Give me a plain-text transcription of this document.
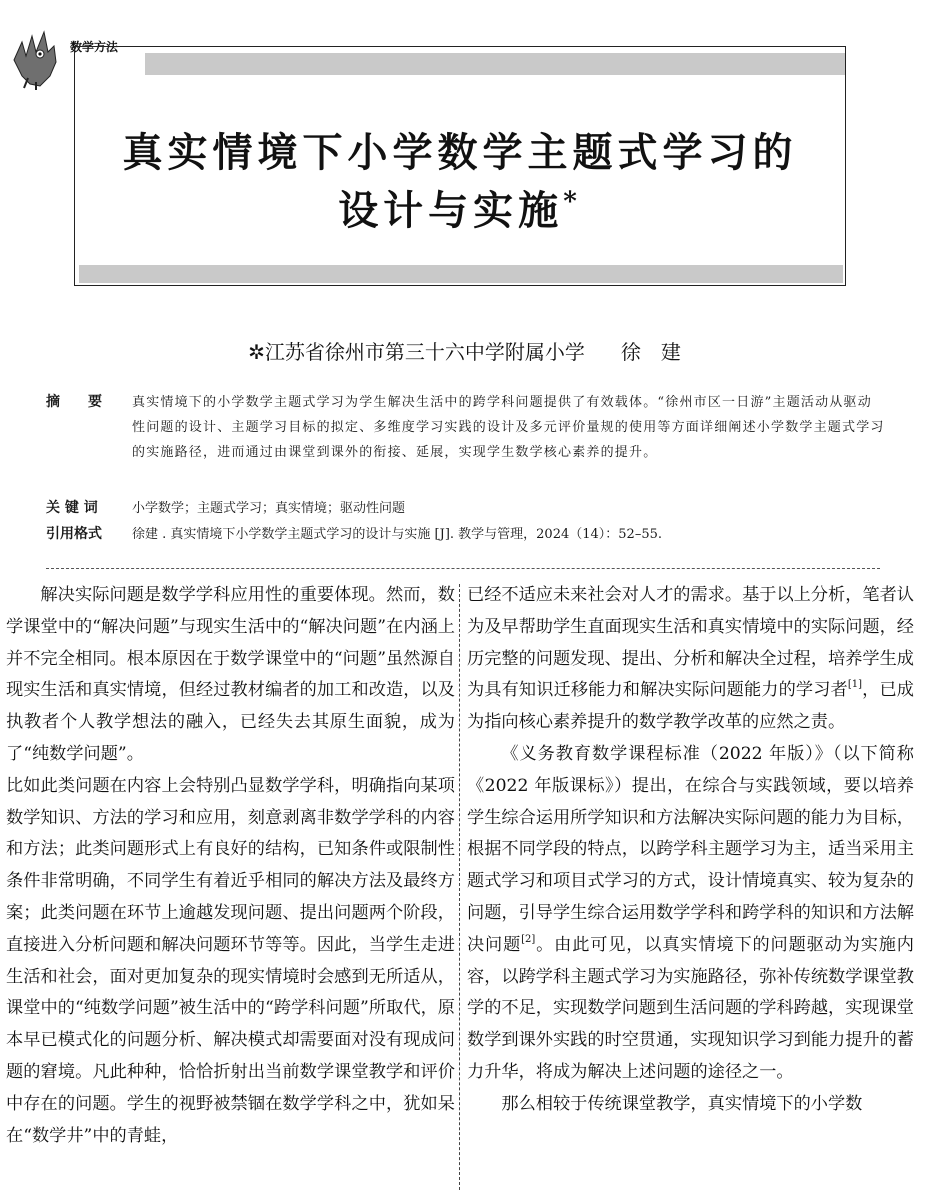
数学方法
真实情境下小学数学主题式学习的
设计与实施*
✲江苏省徐州市第三十六中学附属小学 徐　建
摘　　要 真实情境下的小学数学主题式学习为学生解决生活中的跨学科问题提供了有效载体。“徐州市区一日游”主题活动从驱动性问题的设计、主题学习目标的拟定、多维度学习实践的设计及多元评价量规的使用等方面详细阐述小学数学主题式学习的实施路径，进而通过由课堂到课外的衔接、延展，实现学生数学核心素养的提升。
关 键 词	小学数学；主题式学习；真实情境；驱动性问题
引用格式 徐建 . 真实情境下小学数学主题式学习的设计与实施 [J]. 教学与管理，2024（14）：52–55.

解决实际问题是数学学科应用性的重要体现。然而，数学课堂中的“解决问题”与现实生活中的“解决问题”在内涵上并不完全相同。根本原因在于数学课堂中的“问题”虽然源自现实生活和真实情境，但经过教材编者的加工和改造，以及执教者个人教学想法的融入，已经失去其原生面貌，成为了“纯数学问题”。

比如此类问题在内容上会特别凸显数学学科，明确指向某项数学知识、方法的学习和应用，刻意剥离非数学学科的内容和方法；此类问题形式上有良好的结构，已知条件或限制性条件非常明确，不同学生有着近乎相同的解决方法及最终方案；此类问题在环节上逾越发现问题、提出问题两个阶段，直接进入分析问题和解决问题环节等等。因此，当学生走进生活和社会，面对更加复杂的现实情境时会感到无所适从，课堂中的“纯数学问题”被生活中的“跨学科问题”所取代，原本早已模式化的问题分析、解决模式却需要面对没有现成问题的窘境。凡此种种，恰恰折射出当前数学课堂教学和评价中存在的问题。学生的视野被禁锢在数学学科之中，犹如呆在“数学井”中的青蛙，

已经不适应未来社会对人才的需求。基于以上分析，笔者认为及早帮助学生直面现实生活和真实情境中的实际问题，经历完整的问题发现、提出、分析和解决全过程，培养学生成为具有知识迁移能力和解决实际问题能力的学习者[1]，已成为指向核心素养提升的数学教学改革的应然之责。

《义务教育数学课程标准（2022 年版）》（以下简称《2022 年版课标》）提出，在综合与实践领域，要以培养学生综合运用所学知识和方法解决实际问题的能力为目标，根据不同学段的特点，以跨学科主题学习为主，适当采用主题式学习和项目式学习的方式，设计情境真实、较为复杂的问题，引导学生综合运用数学学科和跨学科的知识和方法解决问题[2]。由此可见，以真实情境下的问题驱动为实施内容，以跨学科主题式学习为实施路径，弥补传统数学课堂教学的不足，实现数学问题到生活问题的学科跨越，实现课堂数学到课外实践的时空贯通，实现知识学习到能力提升的蓄力升华，将成为解决上述问题的途径之一。

那么相较于传统课堂教学，真实情境下的小学数
